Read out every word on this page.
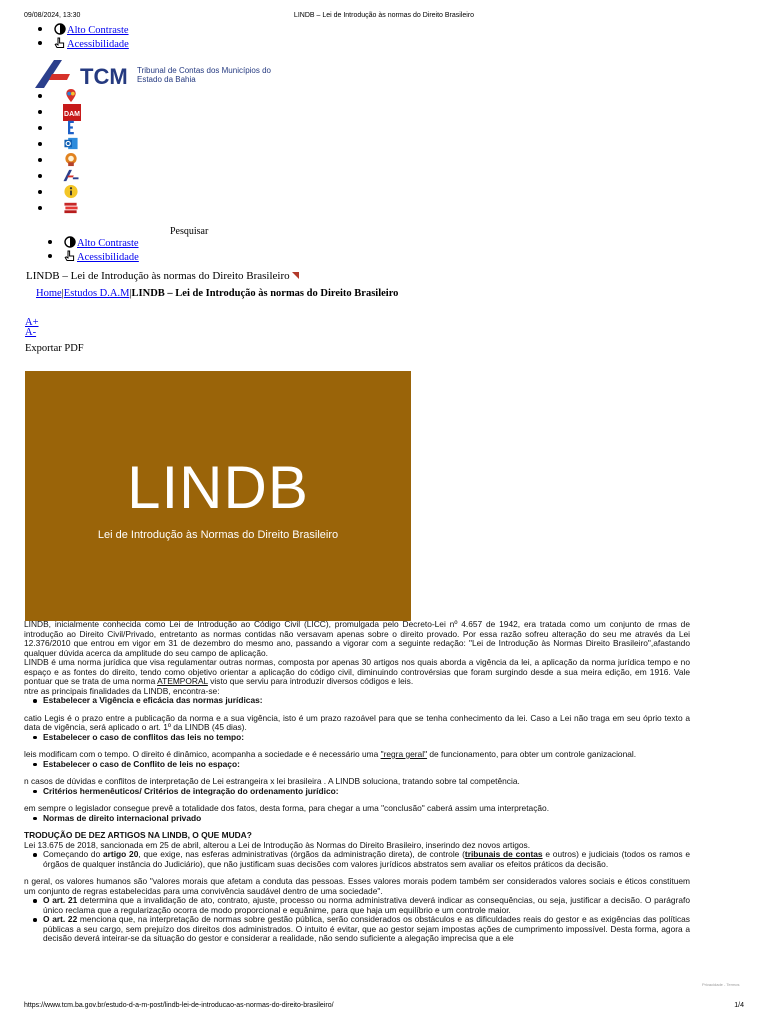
09/08/2024, 13:30	LINDB – Lei de Introdução às normas do Direito Brasileiro
Alto Contraste
Acessibilidade
TCM Tribunal de Contas dos Municípios do Estado da Bahia
DAM
Pesquisar
Alto Contraste
Acessibilidade
LINDB – Lei de Introdução às normas do Direito Brasileiro
Home|Estudos D.A.M|LINDB – Lei de Introdução às normas do Direito Brasileiro
A+
A-
Exportar PDF
LINDB
Lei de Introdução às Normas do Direito Brasileiro

LINDB, inicialmente conhecida como Lei de Introdução ao Código Civil (LICC), promulgada pelo Decreto-Lei nº 4.657 de 1942, era tratada como um conjunto de rmas de introdução ao Direito Civil/Privado, entretanto as normas contidas não versavam apenas sobre o direito provado. Por essa razão sofreu alteração do seu me através da Lei 12.376/2010 que entrou em vigor em 31 de dezembro do mesmo ano, passando a vigorar com a seguinte redação: "Lei de Introdução às Normas Direito Brasileiro",afastando qualquer dúvida acerca da amplitude do seu campo de aplicação.

LINDB é uma norma jurídica que visa regulamentar outras normas, composta por apenas 30 artigos nos quais aborda a vigência da lei, a aplicação da norma jurídica tempo e no espaço e as fontes do direito, tendo como objetivo orientar a aplicação do código civil, diminuindo controvérsias que foram surgindo desde a sua meira edição, em 1916. Vale pontuar que se trata de uma norma ATEMPORAL visto que serviu para introduzir diversos códigos e leis.

ntre as principais finalidades da LINDB, encontra-se:

Estabelecer a Vigência e eficácia das normas jurídicas:

catio Legis é o prazo entre a publicação da norma e a sua vigência, isto é um prazo razoável para que se tenha conhecimento da lei. Caso a Lei não traga em seu óprio texto a data de vigência, será aplicado o art. 1º da LINDB (45 dias).

Estabelecer o caso de conflitos das leis no tempo:

leis modificam com o tempo. O direito é dinâmico, acompanha a sociedade e é necessário uma "regra geral" de funcionamento, para obter um controle ganizacional.

Estabelecer o caso de Conflito de leis no espaço:

n casos de dúvidas e conflitos de interpretação de Lei estrangeira x lei brasileira . A LINDB soluciona, tratando sobre tal competência.

Critérios hermenêuticos/ Critérios de integração do ordenamento jurídico:

em sempre o legislador consegue prevê a totalidade dos fatos, desta forma, para chegar a uma "conclusão" caberá assim uma interpretação.

Normas de direito internacional privado
TRODUÇÃO DE DEZ ARTIGOS NA LINDB, O QUE MUDA?

Lei 13.675 de 2018, sancionada em 25 de abril, alterou a Lei de Introdução às Normas do Direito Brasileiro, inserindo dez novos artigos.

Começando do artigo 20, que exige, nas esferas administrativas (órgãos da administração direta), de controle (tribunais de contas e outros) e judiciais (todos os ramos e órgãos de qualquer instância do Judiciário), que não justificam suas decisões com valores jurídicos abstratos sem avaliar os efeitos práticos da decisão.

n geral, os valores humanos são "valores morais que afetam a conduta das pessoas. Esses valores morais podem também ser considerados valores sociais e éticos constituem um conjunto de regras estabelecidas para uma convivência saudável dentro de uma sociedade".

O art. 21 determina que a invalidação de ato, contrato, ajuste, processo ou norma administrativa deverá indicar as consequências, ou seja, justificar a decisão. O parágrafo único reclama que a regularização ocorra de modo proporcional e equânime, para que haja um equilíbrio e um controle maior.
O art. 22 menciona que, na interpretação de normas sobre gestão pública, serão considerados os obstáculos e as dificuldades reais do gestor e as exigências das políticas públicas a seu cargo, sem prejuízo dos direitos dos administrados. O intuito é evitar, que ao gestor sejam impostas ações de cumprimento impossível. Desta forma, agora a decisão deverá inteirar-se da situação do gestor e considerar a realidade, não sendo suficiente a alegação imprecisa que a ele
Privacidade - Termos
https://www.tcm.ba.gov.br/estudo-d-a-m-post/lindb-lei-de-introducao-as-normas-do-direito-brasileiro/	1/4
